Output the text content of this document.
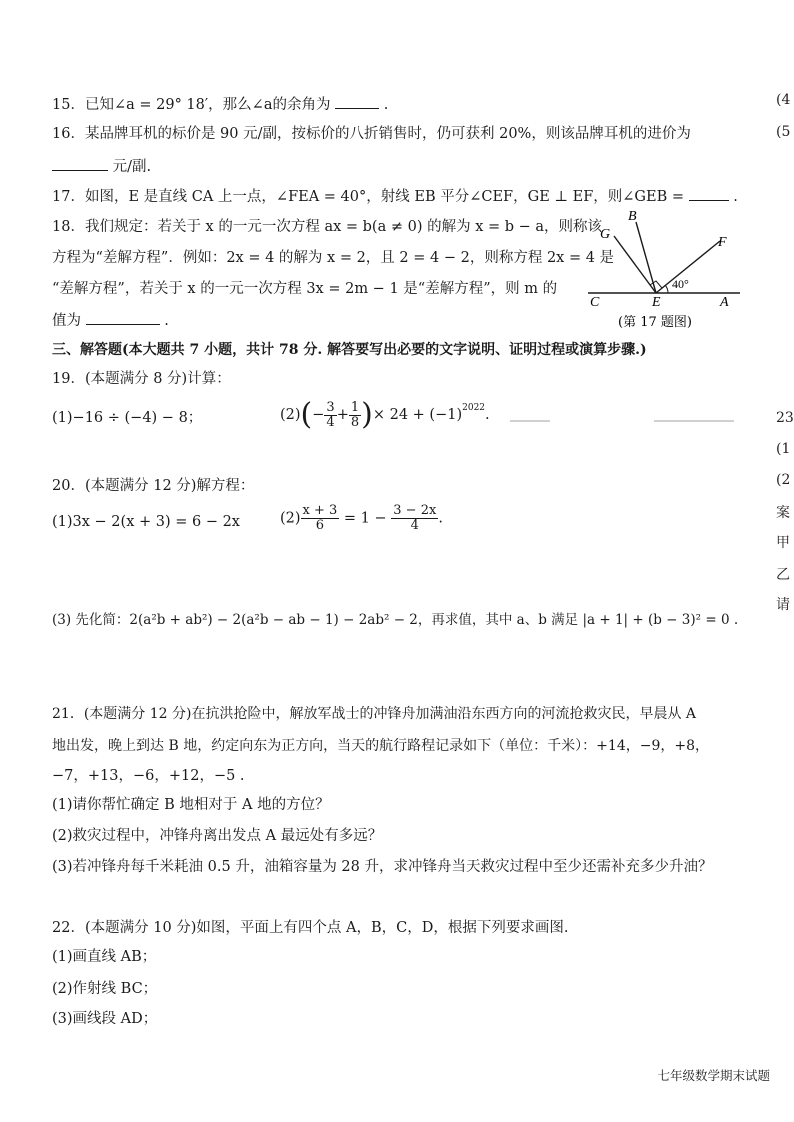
15．已知∠a = 29° 18′，那么∠a的余角为	.
16．某品牌耳机的标价是 90 元/副，按标价的八折销售时，仍可获利 20%，则该品牌耳机的进价为
元/副.
17．如图，E 是直线 CA 上一点，∠FEA = 40°，射线 EB 平分∠CEF，GE ⊥ EF，则∠GEB =	.
18．我们规定：若关于 x 的一元一次方程 ax = b(a ≠ 0) 的解为 x = b − a，则称该
方程为“差解方程”．例如：2x = 4 的解为 x = 2，且 2 = 4 − 2，则称方程 2x = 4 是
“差解方程”，若关于 x 的一元一次方程 3x = 2m − 1 是“差解方程”，则 m 的
值为	.
B
G
F
40°
C	E	A
(第 17 题图)
三、解答题(本大题共 7 小题，共计 78 分. 解答要写出必要的文字说明、证明过程或演算步骤.)
19．(本题满分 8 分)计算：
(1)−16 ÷ (−4) − 8；	$(2)(- \frac{3}{4} + \frac{1}{8}$ )× $24 + (-1)^{2022}$.
20．(本题满分 12 分)解方程：
(1)3x − 2(x + 3) = 6 − 2x	$(2) \frac{x + 3}{6} = 1 - \frac{3 - 2x}{4}$ .
(3) 先化简：2(a²b + ab²) − 2(a²b − ab − 1) − 2ab² − 2，再求值，其中 a、b 满足 |a + 1| + (b − 3)² = 0 .
21．(本题满分 12 分)在抗洪抢险中，解放军战士的冲锋舟加满油沿东西方向的河流抢救灾民，早晨从 A
地出发，晚上到达 B 地，约定向东为正方向，当天的航行路程记录如下（单位：千米）：+14，−9，+8，
−7，+13，−6，+12，−5 .
(1)请你帮忙确定 B 地相对于 A 地的方位？
(2)救灾过程中，冲锋舟离出发点 A 最远处有多远？
(3)若冲锋舟每千米耗油 0.5 升，油箱容量为 28 升，求冲锋舟当天救灾过程中至少还需补充多少升油？
22．(本题满分 10 分)如图，平面上有四个点 A，B，C，D，根据下列要求画图.
(1)画直线 AB；
(2)作射线 BC；
(3)画线段 AD；
七年级数学期末试题
(4
(5
23
(1
(2
案
甲
乙
请
